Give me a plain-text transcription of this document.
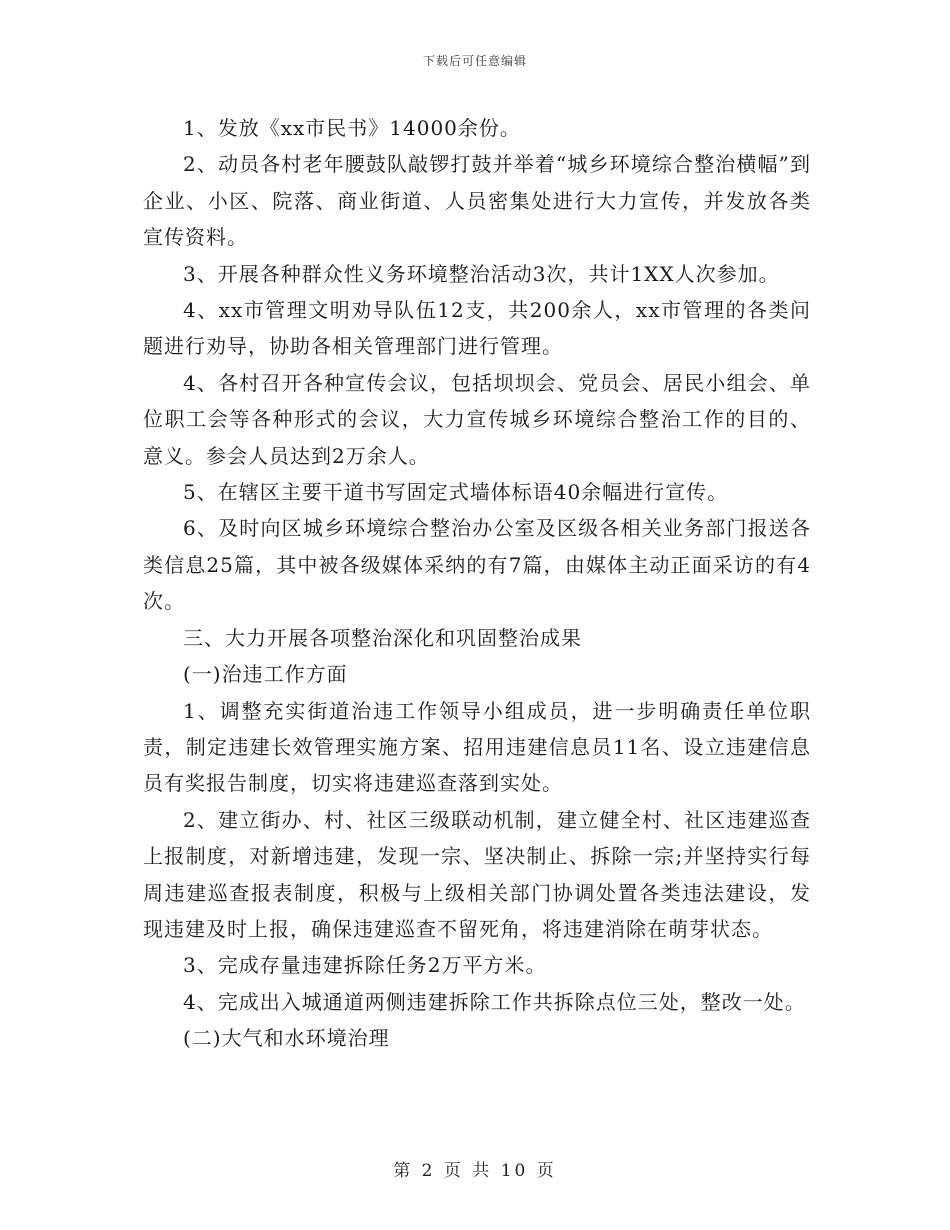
下载后可任意编辑

1、发放《xx市民书》14000余份。

2、动员各村老年腰鼓队敲锣打鼓并举着“城乡环境综合整治横幅”到企业、小区、院落、商业街道、人员密集处进行大力宣传，并发放各类宣传资料。

3、开展各种群众性义务环境整治活动3次，共计1XX人次参加。

4、xx市管理文明劝导队伍12支，共200余人，xx市管理的各类问题进行劝导，协助各相关管理部门进行管理。

4、各村召开各种宣传会议，包括坝坝会、党员会、居民小组会、单位职工会等各种形式的会议，大力宣传城乡环境综合整治工作的目的、意义。参会人员达到2万余人。

5、在辖区主要干道书写固定式墙体标语40余幅进行宣传。

6、及时向区城乡环境综合整治办公室及区级各相关业务部门报送各类信息25篇，其中被各级媒体采纳的有7篇，由媒体主动正面采访的有4次。

三、大力开展各项整治深化和巩固整治成果

(一)治违工作方面

1、调整充实街道治违工作领导小组成员，进一步明确责任单位职责，制定违建长效管理实施方案、招用违建信息员11名、设立违建信息员有奖报告制度，切实将违建巡查落到实处。

2、建立街办、村、社区三级联动机制，建立健全村、社区违建巡查上报制度，对新增违建，发现一宗、坚决制止、拆除一宗;并坚持实行每周违建巡查报表制度，积极与上级相关部门协调处置各类违法建设，发现违建及时上报，确保违建巡查不留死角，将违建消除在萌芽状态。

3、完成存量违建拆除任务2万平方米。

4、完成出入城通道两侧违建拆除工作共拆除点位三处，整改一处。

(二)大气和水环境治理

第 2 页 共 10 页
